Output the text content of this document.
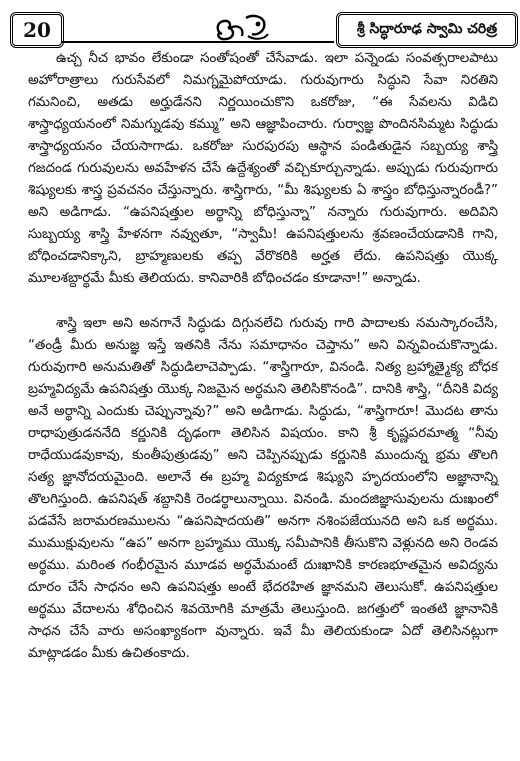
20	శ్రీ సిద్ధారూఢ స్వామి చరిత్ర

ఉచ్చ నీచ భావం లేకుండా సంతోషంతో చేసేవాడు. ఇలా పన్నెండు సంవత్సరాలపాటు అహోరాత్రాలు గురుసేవలో నిమగ్నమైపోయాడు. గురువుగారు సిద్ధుని సేవా నిరతిని గమనించి, అతడు అర్హుడేనని నిర్ణయించుకొని ఒకరోజు, “ఈ సేవలను విడిచి శాస్త్రాధ్యయనంలో నిమగ్నుడవు కమ్ము” అని ఆజ్ఞాపించారు. గుర్వాజ్ఞ పొందినసిమ్మట సిద్ధుడు శాస్త్రాధ్యయనం చేయసాగాడు. ఒకరోజు సురపురపు ఆస్థాన పండితుడైన సబ్బయ్య శాస్త్రి గజదండ గురువులను అవహేళన చేసే ఉద్దేశ్యంతో వచ్చికూర్చున్నాడు. అప్పుడు గురువుగారు శిష్యులకు శాస్త్ర ప్రవచనం చేస్తున్నారు. శాస్త్రిగారు, “మీ శిష్యులకు ఏ శాస్త్రం బోధిస్తున్నారండీ?” అని అడిగాడు. “ఉపనిషత్తుల అర్థాన్ని బోధిస్తున్నా” నన్నారు గురువుగారు. అదివిని సుబ్బయ్య శాస్త్రి హేళనగా నవ్వుతూ, “స్వామీ! ఉపనిషత్తులను శ్రవణంచేయడానికి గాని, బోధించడానిక్కాని, బ్రాహ్మణులకు తప్ప వేరొకరికి అర్హత లేదు. ఉపనిషత్తు యొక్క మూలశబ్దార్థమే మీకు తెలియదు. కానివారికి బోధించడం కూడానా!” అన్నాడు.

శాస్త్రి ఇలా అని అనగానే సిద్ధుడు దిగ్గునలేచి గురువు గారి పాదాలకు నమస్కారంచేసి, “తండ్రీ మీరు అనుజ్ఞ ఇస్తే ఇతనికి నేను సమాధానం చెప్తాను” అని విన్నవించుకొన్నాడు. గురువుగారి అనుమతితో సిద్ధుడిలాచెప్పాడు. “శాస్త్రిగారూ, వినండి. నిత్య బ్రహ్మాత్మైక్య బోధక బ్రహ్మవిద్యమే ఉపనిషత్తు యొక్క నిజమైన అర్థమని తెలిసికొనండి”. దానికి శాస్త్రి, “దీనికి విద్య అనే అర్థాన్ని ఎందుకు చెప్పున్నావు?” అని అడిగాడు. సిద్ధుడు, “శాస్త్రిగారూ! మొదట తాను రాధాపుత్రుడననేది కర్ణునికి దృఢంగా తెలిసిన విషయం. కాని శ్రీ కృష్ణపరమాత్మ “నీవు రాధేయుడవుకావు, కుంతీపుత్రుడవు” అని చెప్పినప్పుడు కర్ణునికి ముందున్న భ్రమ తొలగి సత్య జ్ఞానోదయమైంది. అలానే ఈ బ్రహ్మ విద్యకూడ శిష్యుని హృదయంలోని అజ్ఞానాన్ని తొలగిస్తుంది. ఉపనిషత్ శబ్దానికి రెండర్థాలున్నాయి. వినండి. మందజిజ్ఞాసువులను దుఃఖంలో పడవేసే జరామరణములను “ఉపనిషాదయతి” అనగా నశింపజేయునది అని ఒక అర్థము. ముముక్షువులను “ఉప” అనగా బ్రహ్మము యొక్క సమీపానికి తీసుకొని వెళ్లునది అని రెండవ అర్థము. మరింత గంభీరమైన మూడవ అర్థమేమంటే దుఃఖానికి కారణభూతమైన అవిద్యను దూరం చేసే సాధనం అని ఉపనిషత్తు అంటే భేదరహిత జ్ఞానమని తెలుసుకో. ఉపనిషత్తుల అర్థము వేదాలను శోధించిన శివయోగికి మాత్రమే తెలుస్తుంది. జగత్తులో ఇంతటి జ్ఞానానికి సాధన చేసే వారు అసంఖ్యాకంగా వున్నారు. ఇవే మీ తెలియకుండా ఏదో తెలిసినట్లుగా మాట్లాడడం మీకు ఉచితంకాదు.
